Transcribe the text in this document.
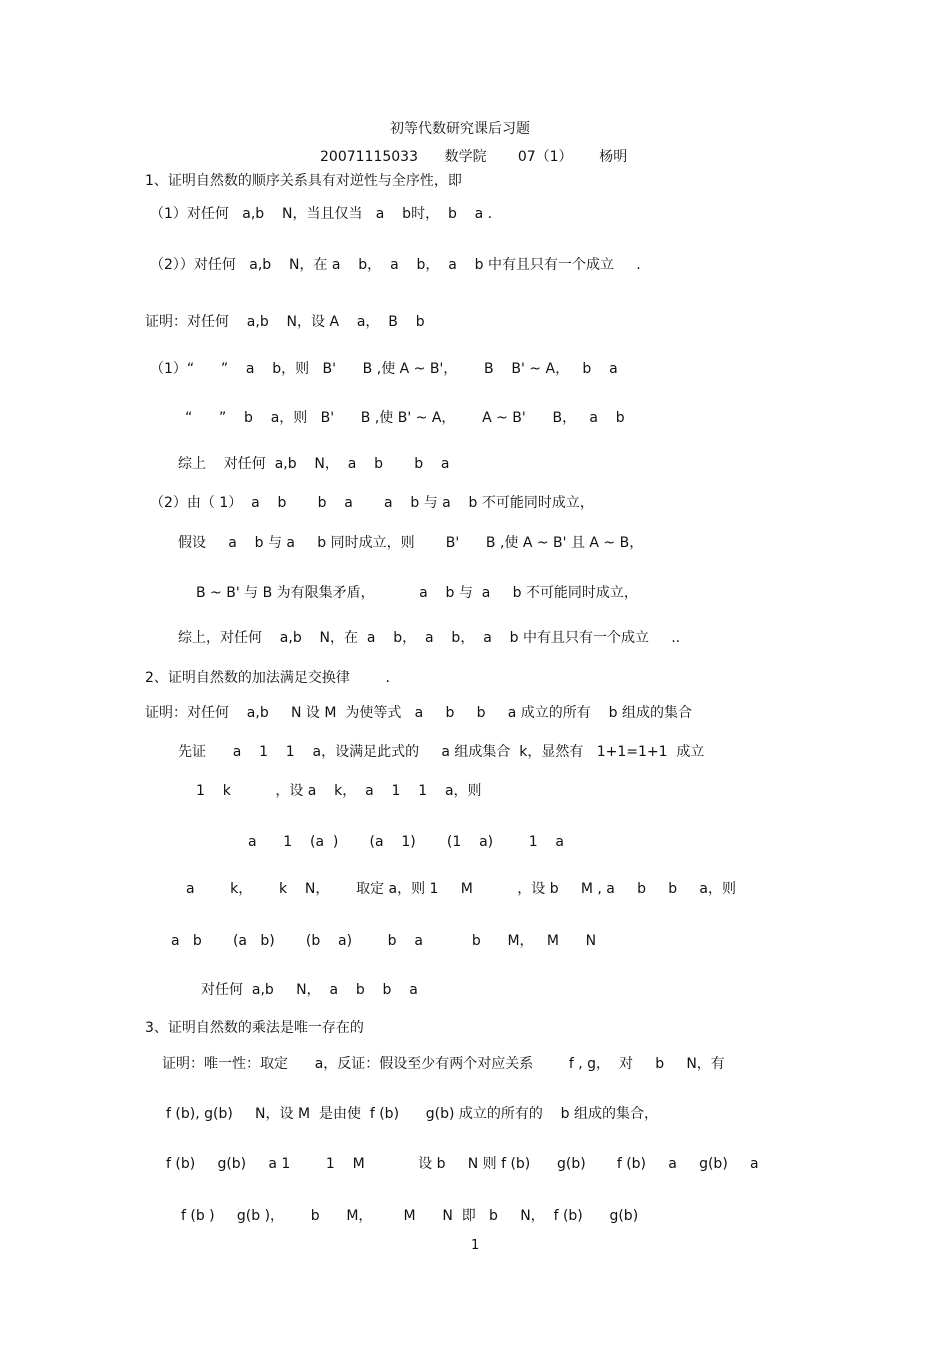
初等代数研究课后习题
20071115033      数学院       07（1）      杨明
1、证明自然数的顺序关系具有对逆性与全序性，即
（1）对任何   a,b    N，当且仅当   a    b时，  b    a .
（2））对任何   a,b    N，在 a    b，  a    b，  a    b 中有且只有一个成立     .
证明：对任何    a,b    N，设 A    a，  B    b
（1）“      ”    a    b，则   B'      B ,使 A ~ B'，      B    B' ~ A，   b    a
“      ”    b    a，则   B'      B ,使 B' ~ A，      A ~ B'      B，   a    b
综上    对任何  a,b    N，  a    b       b    a
（2）由（ 1）  a    b       b    a       a    b 与 a    b 不可能同时成立，
假设     a    b 与 a     b 同时成立，则       B'      B ,使 A ~ B' 且 A ~ B，
B ~ B' 与 B 为有限集矛盾，          a    b 与  a     b 不可能同时成立，
综上，对任何    a,b    N，在  a    b，  a    b，  a    b 中有且只有一个成立     ..
2、证明自然数的加法满足交换律        .
证明：对任何    a,b     N 设 M  为使等式   a     b     b     a 成立的所有    b 组成的集合
先证      a    1    1    a，设满足此式的     a 组成集合  k，显然有   1+1=1+1  成立
1    k          ，设 a    k，  a    1    1    a，则
a      1    (a  )       (a    1)       (1    a)        1    a
a        k，      k    N，      取定 a，则 1     M          ，设 b     M , a     b     b     a，则
a   b       (a   b)       (b    a)        b    a           b      M，   M      N
对任何  a,b     N，  a    b    b    a
3、证明自然数的乘法是唯一存在的
证明：唯一性：取定      a，反证：假设至少有两个对应关系        f , g，  对     b     N，有
f (b), g(b)     N，设 M  是由使  f (b)      g(b) 成立的所有的    b 组成的集合，
f (b)     g(b)     a 1        1    M            设 b     N 则 f (b)      g(b)       f (b)     a     g(b)     a
f (b )     g(b )，      b      M，       M      N  即   b     N，  f (b)      g(b)
1
